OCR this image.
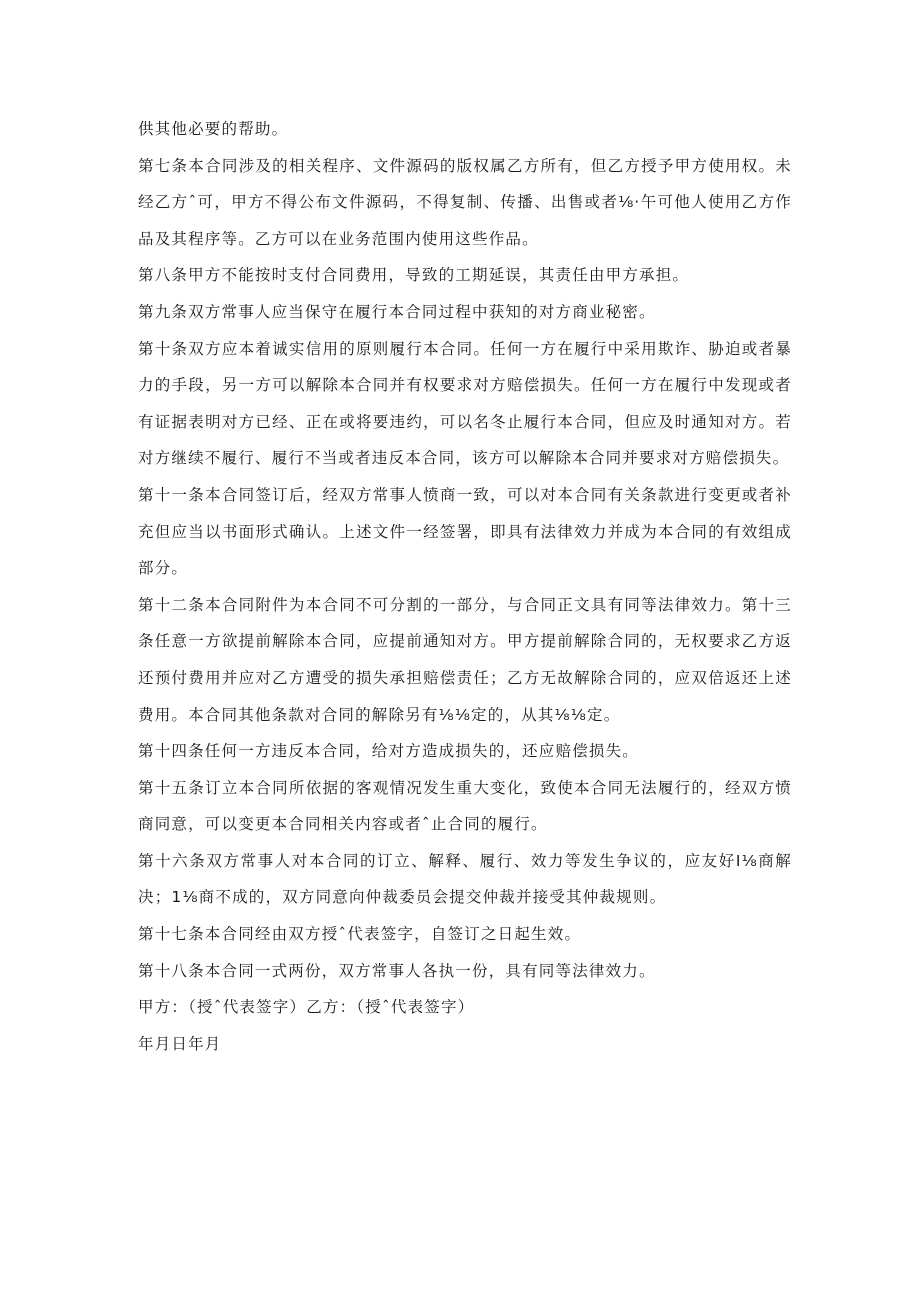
供其他必要的帮助。

第七条本合同涉及的相关程序、文件源码的版权属乙方所有，但乙方授予甲方使用权。未经乙方ˆ可，甲方不得公布文件源码，不得复制、传播、出售或者⅛·午可他人使用乙方作品及其程序等。乙方可以在业务范围内使用这些作品。

第八条甲方不能按时支付合同费用，导致的工期延误，其责任由甲方承担。

第九条双方常事人应当保守在履行本合同过程中获知的对方商业秘密。

第十条双方应本着诚实信用的原则履行本合同。任何一方在履行中采用欺诈、胁迫或者暴力的手段，另一方可以解除本合同并有权要求对方赔偿损失。任何一方在履行中发现或者有证据表明对方已经、正在或将要违约，可以名冬止履行本合同，但应及时通知对方。若对方继续不履行、履行不当或者违反本合同，该方可以解除本合同并要求对方赔偿损失。

第十一条本合同签订后，经双方常事人愤商一致，可以对本合同有关条款进行变更或者补充但应当以书面形式确认。上述文件一经签署，即具有法律效力并成为本合同的有效组成部分。

第十二条本合同附件为本合同不可分割的一部分，与合同正文具有同等法律效力。第十三条任意一方欲提前解除本合同，应提前通知对方。甲方提前解除合同的，无权要求乙方返还预付费用并应对乙方遭受的损失承担赔偿责任；乙方无故解除合同的，应双倍返还上述费用。本合同其他条款对合同的解除另有⅛⅛定的，从其⅛⅛定。

第十四条任何一方违反本合同，给对方造成损失的，还应赔偿损失。

第十五条订立本合同所依据的客观情况发生重大变化，致使本合同无法履行的，经双方愤商同意，可以变更本合同相关内容或者ˆ止合同的履行。

第十六条双方常事人对本合同的订立、解释、履行、效力等发生争议的，应友好I⅛商解决；1⅛商不成的，双方同意向仲裁委员会提交仲裁并接受其仲裁规则。

第十七条本合同经由双方授ˆ代表签字，自签订之日起生效。

第十八条本合同一式两份，双方常事人各执一份，具有同等法律效力。

甲方：（授ˆ代表签字）乙方：（授ˆ代表签字）

年月日年月
